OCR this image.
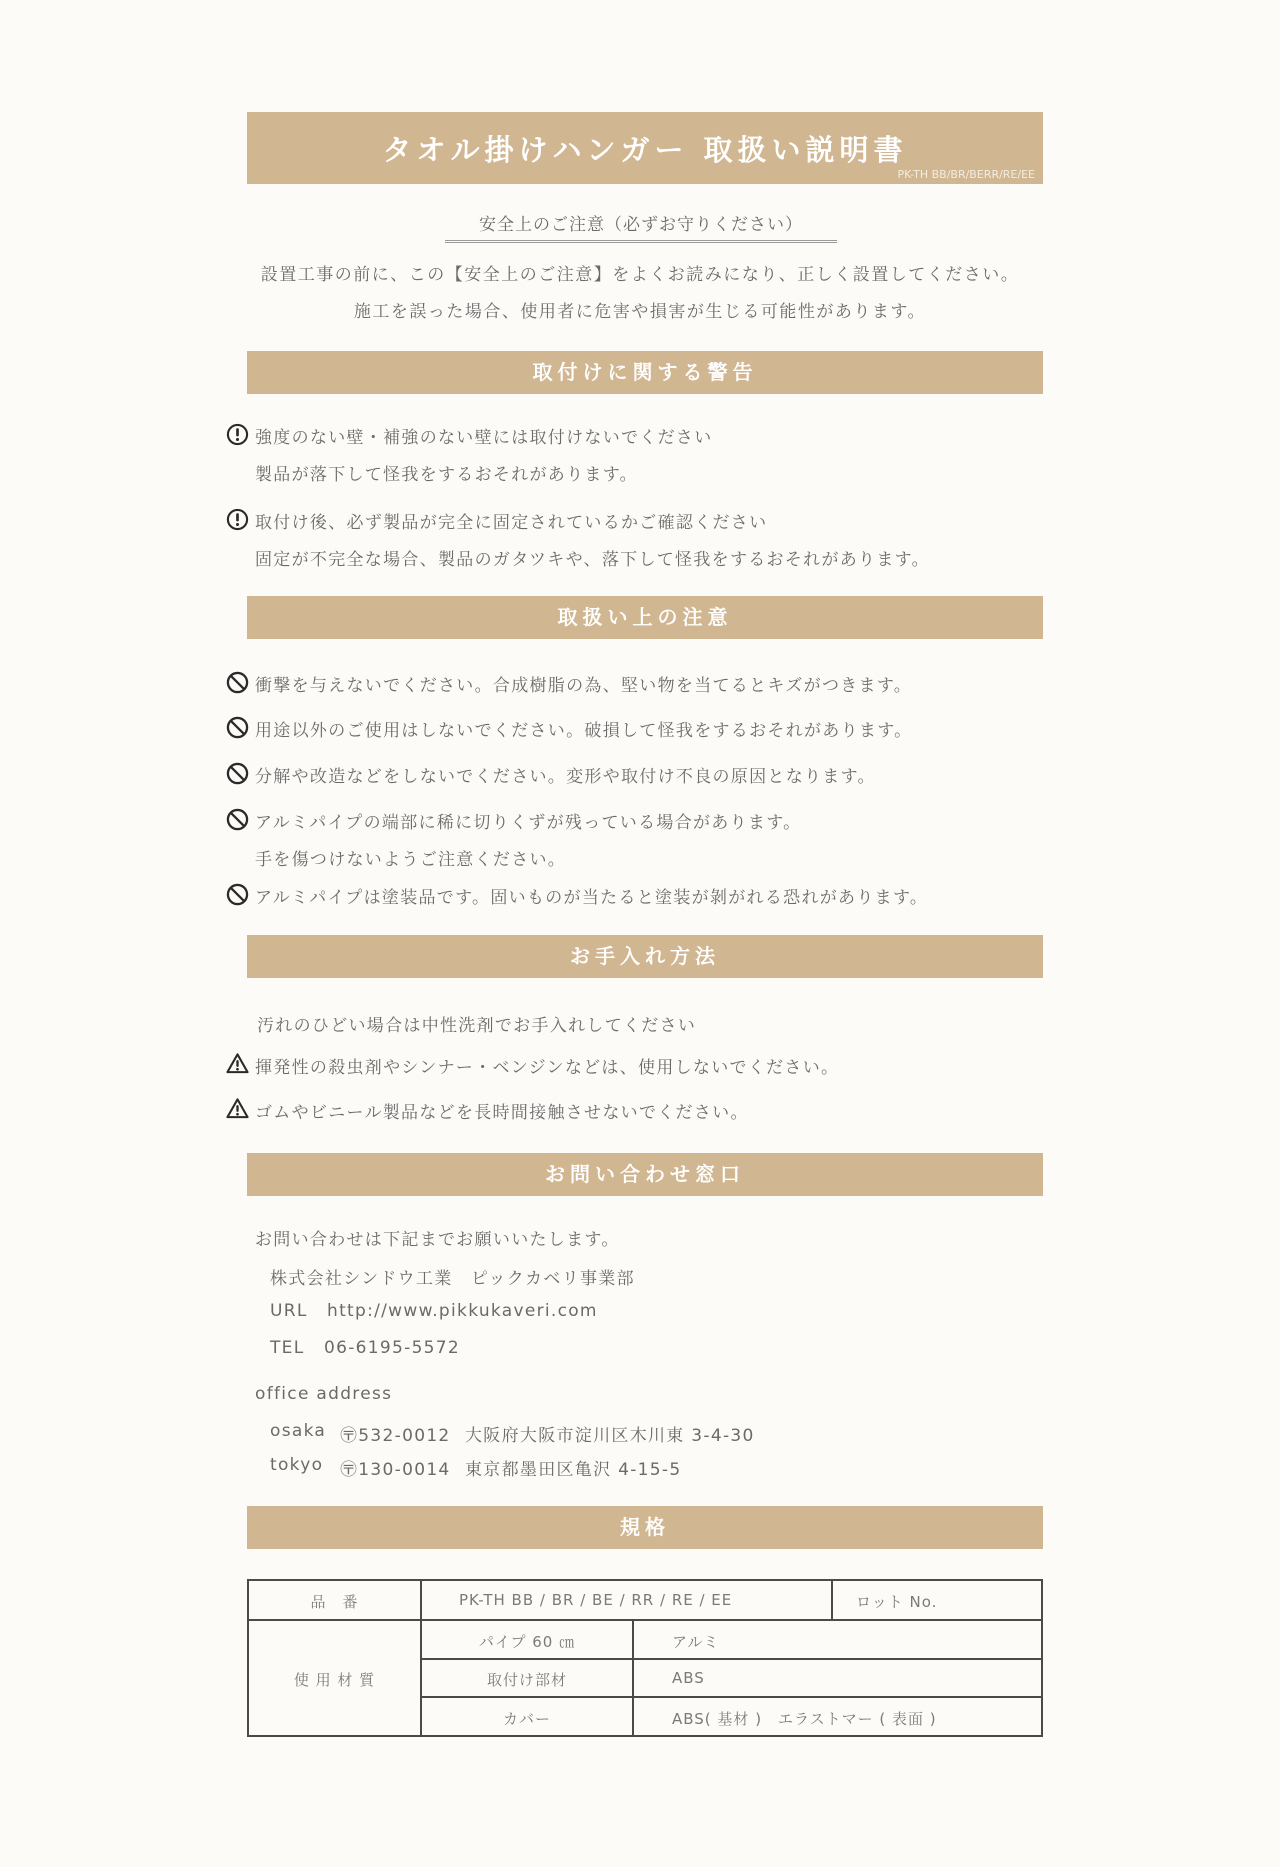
タオル掛けハンガー 取扱い説明書
PK-TH BB/BR/BERR/RE/EE
安全上のご注意（必ずお守りください）
設置工事の前に、この【安全上のご注意】をよくお読みになり、正しく設置してください。
施工を誤った場合、使用者に危害や損害が生じる可能性があります。
取付けに関する警告
強度のない壁・補強のない壁には取付けないでください
製品が落下して怪我をするおそれがあります。
取付け後、必ず製品が完全に固定されているかご確認ください
固定が不完全な場合、製品のガタツキや、落下して怪我をするおそれがあります。
取扱い上の注意
衝撃を与えないでください。合成樹脂の為、堅い物を当てるとキズがつきます。
用途以外のご使用はしないでください。破損して怪我をするおそれがあります。
分解や改造などをしないでください。変形や取付け不良の原因となります。
アルミパイプの端部に稀に切りくずが残っている場合があります。
手を傷つけないようご注意ください。
アルミパイプは塗装品です。固いものが当たると塗装が剝がれる恐れがあります。
お手入れ方法
汚れのひどい場合は中性洗剤でお手入れしてください
揮発性の殺虫剤やシンナー・ベンジンなどは、使用しないでください。
ゴムやビニール製品などを長時間接触させないでください。
お問い合わせ窓口
お問い合わせは下記までお願いいたします。
株式会社シンドウ工業　ピックカベリ事業部
URL	http://www.pikkukaveri.com
TEL	06-6195-5572
office address
osaka 〶532-0012 大阪府大阪市淀川区木川東 3-4-30
tokyo 〶130-0014 東京都墨田区亀沢 4-15-5
規格
品　番	PK-TH BB / BR / BE / RR / RE / EE	ロット No.
使 用 材 質
パイプ 60 ㎝	アルミ
取付け部材	ABS
カバー	ABS( 基材 )　エラストマー ( 表面 )
